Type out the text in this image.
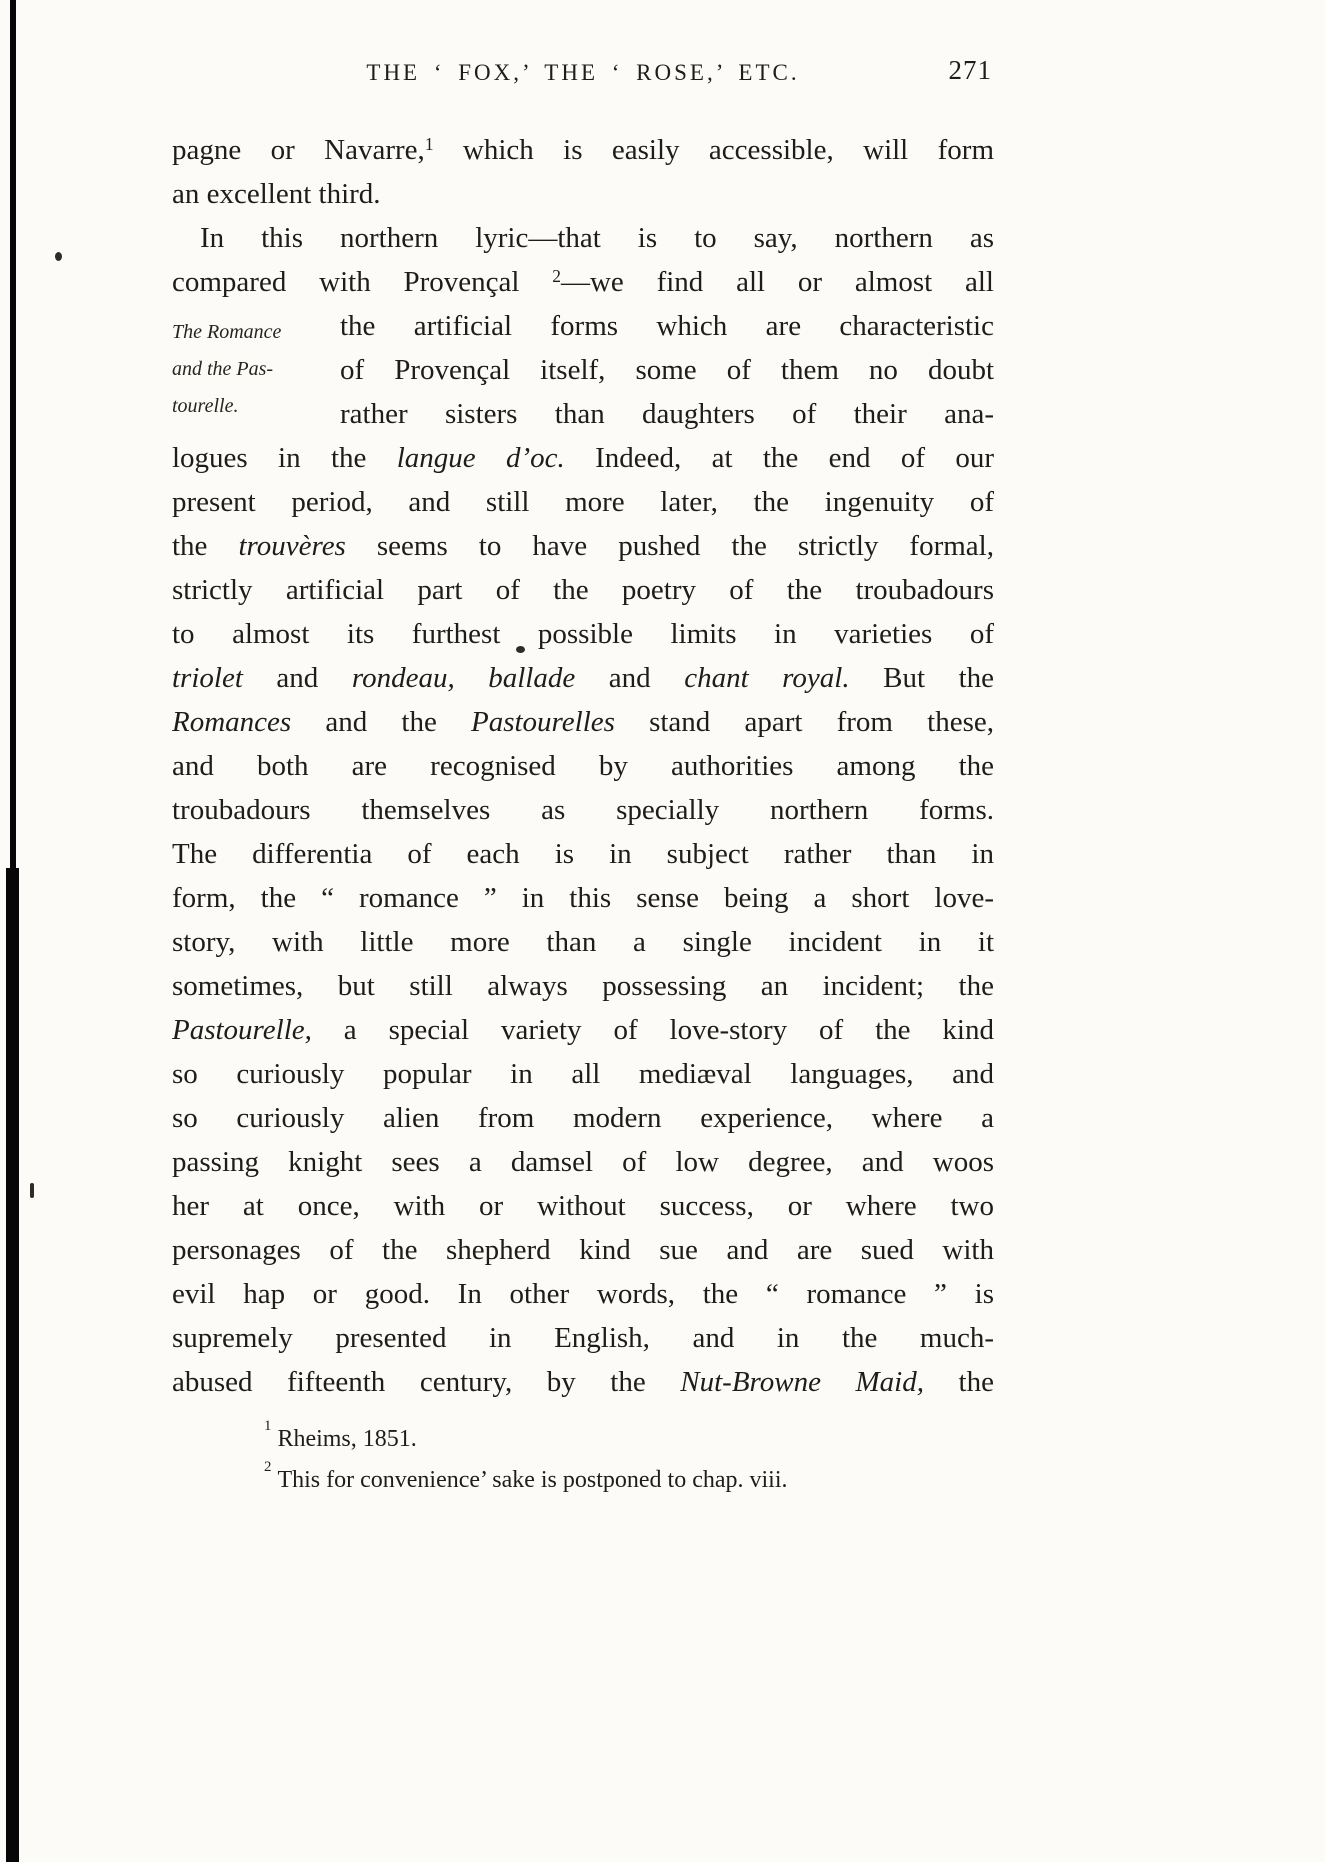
THE ‘ FOX,’ THE ‘ ROSE,’ ETC.	271
The Romance
and the Pas-
tourelle.
pagne or Navarre,$^1$ which is easily accessible, will form
an excellent third.
In this northern lyric—that is to say, northern as
compared with Provençal $^2$—we find all or almost all
the artificial forms which are characteristic
of Provençal itself, some of them no doubt
rather sisters than daughters of their ana-
logues in the langue d’oc. Indeed, at the end of our
present period, and still more later, the ingenuity of
the trouvères seems to have pushed the strictly formal,
strictly artificial part of the poetry of the troubadours
to almost its furthest possible limits in varieties of
triolet and rondeau, ballade and chant royal. But the
Romances and the Pastourelles stand apart from these,
and both are recognised by authorities among the
troubadours themselves as specially northern forms.
The differentia of each is in subject rather than in
form, the “ romance ” in this sense being a short love-
story, with little more than a single incident in it
sometimes, but still always possessing an incident; the
Pastourelle, a special variety of love-story of the kind
so curiously popular in all mediæval languages, and
so curiously alien from modern experience, where a
passing knight sees a damsel of low degree, and woos
her at once, with or without success, or where two
personages of the shepherd kind sue and are sued with
evil hap or good. In other words, the “ romance ” is
supremely presented in English, and in the much-
abused fifteenth century, by the Nut-Browne Maid, the
$^1$ Rheims, 1851.
$^2$ This for convenience’ sake is postponed to chap. viii.
